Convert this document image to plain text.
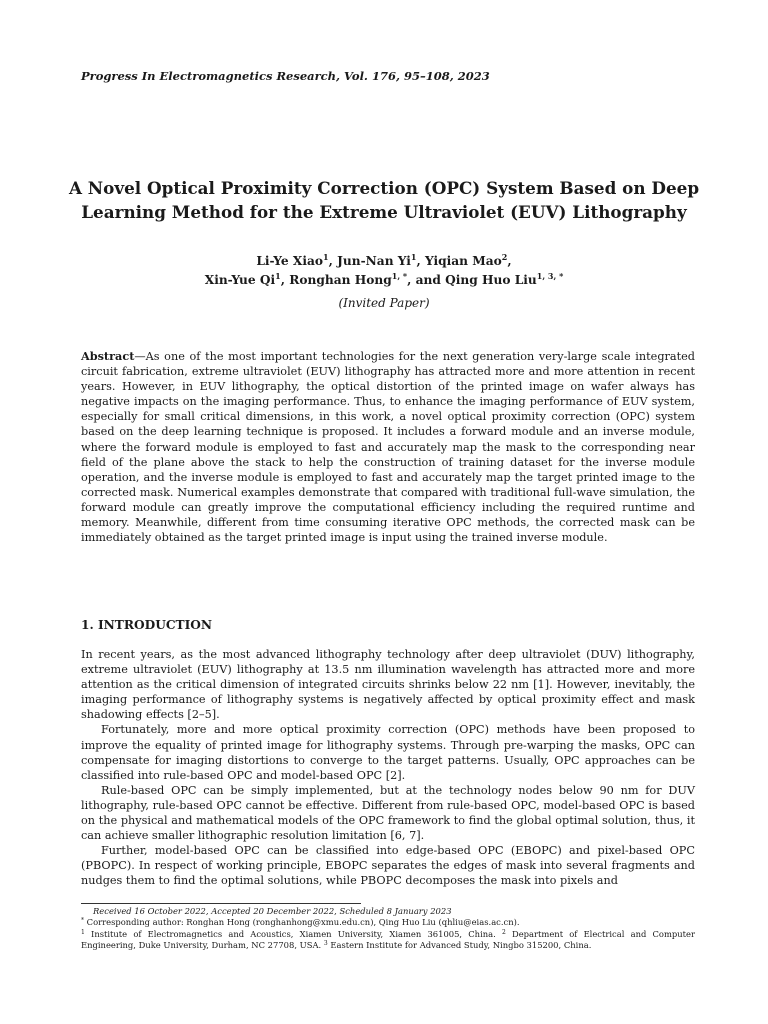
Progress In Electromagnetics Research, Vol. 176, 95–108, 2023
A Novel Optical Proximity Correction (OPC) System Based on Deep
Learning Method for the Extreme Ultraviolet (EUV) Lithography
Li-Ye Xiao$^1$, Jun-Nan Yi$^1$, Yiqian Mao$^2$,
Xin-Yue Qi$^1$, Ronghan Hong$^{1, *}$, and Qing Huo Liu$^{1, 3, *}$
(Invited Paper)
Abstract—As one of the most important technologies for the next generation very-large scale integrated circuit fabrication, extreme ultraviolet (EUV) lithography has attracted more and more attention in recent years. However, in EUV lithography, the optical distortion of the printed image on wafer always has negative impacts on the imaging performance. Thus, to enhance the imaging performance of EUV system, especially for small critical dimensions, in this work, a novel optical proximity correction (OPC) system based on the deep learning technique is proposed. It includes a forward module and an inverse module, where the forward module is employed to fast and accurately map the mask to the corresponding near field of the plane above the stack to help the construction of training dataset for the inverse module operation, and the inverse module is employed to fast and accurately map the target printed image to the corrected mask. Numerical examples demonstrate that compared with traditional full-wave simulation, the forward module can greatly improve the computational efficiency including the required runtime and memory. Meanwhile, different from time consuming iterative OPC methods, the corrected mask can be immediately obtained as the target printed image is input using the trained inverse module.
1. INTRODUCTION

In recent years, as the most advanced lithography technology after deep ultraviolet (DUV) lithography, extreme ultraviolet (EUV) lithography at 13.5 nm illumination wavelength has attracted more and more attention as the critical dimension of integrated circuits shrinks below 22 nm [1]. However, inevitably, the imaging performance of lithography systems is negatively affected by optical proximity effect and mask shadowing effects [2–5].

Fortunately, more and more optical proximity correction (OPC) methods have been proposed to improve the equality of printed image for lithography systems. Through pre-warping the masks, OPC can compensate for imaging distortions to converge to the target patterns. Usually, OPC approaches can be classified into rule-based OPC and model-based OPC [2].

Rule-based OPC can be simply implemented, but at the technology nodes below 90 nm for DUV lithography, rule-based OPC cannot be effective. Different from rule-based OPC, model-based OPC is based on the physical and mathematical models of the OPC framework to find the global optimal solution, thus, it can achieve smaller lithographic resolution limitation [6, 7].

Further, model-based OPC can be classified into edge-based OPC (EBOPC) and pixel-based OPC (PBOPC). In respect of working principle, EBOPC separates the edges of mask into several fragments and nudges them to find the optimal solutions, while PBOPC decomposes the mask into pixels and

Received 16 October 2022, Accepted 20 December 2022, Scheduled 8 January 2023
* Corresponding author: Ronghan Hong (ronghanhong@xmu.edu.cn), Qing Huo Liu (qhliu@eias.ac.cn).
$^1$ Institute of Electromagnetics and Acoustics, Xiamen University, Xiamen 361005, China. $^2$ Department of Electrical and Computer Engineering, Duke University, Durham, NC 27708, USA. $^3$ Eastern Institute for Advanced Study, Ningbo 315200, China.
